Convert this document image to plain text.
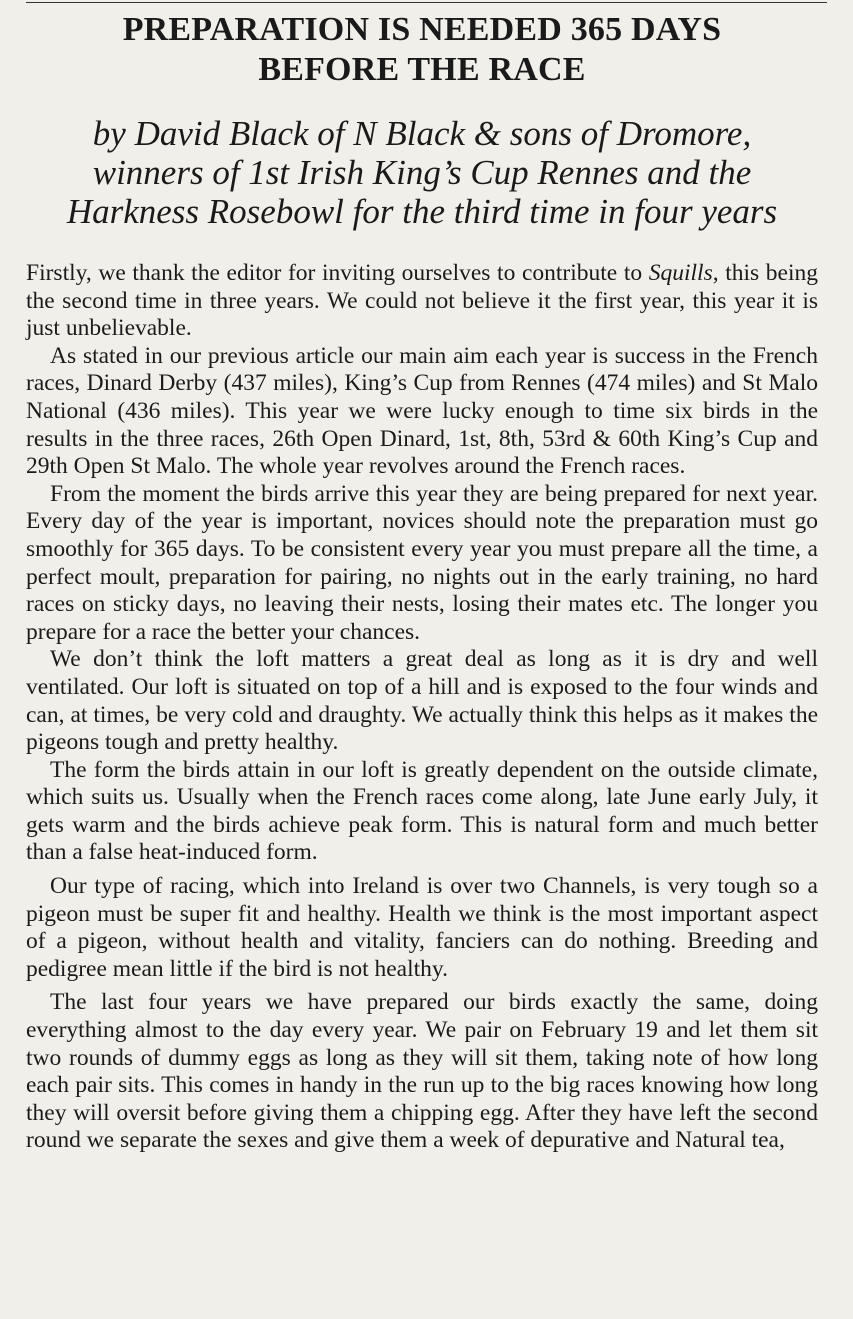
PREPARATION IS NEEDED 365 DAYS
BEFORE THE RACE
by David Black of N Black & sons of Dromore,
winners of 1st Irish King’s Cup Rennes and the
Harkness Rosebowl for the third time in four years

Firstly, we thank the editor for inviting ourselves to contribute to Squills, this being the second time in three years. We could not believe it the first year, this year it is just unbelievable.

As stated in our previous article our main aim each year is success in the French races, Dinard Derby (437 miles), King’s Cup from Rennes (474 miles) and St Malo National (436 miles). This year we were lucky enough to time six birds in the results in the three races, 26th Open Dinard, 1st, 8th, 53rd & 60th King’s Cup and 29th Open St Malo. The whole year revolves around the French races.

From the moment the birds arrive this year they are being prepared for next year. Every day of the year is important, novices should note the preparation must go smoothly for 365 days. To be consistent every year you must prepare all the time, a perfect moult, preparation for pairing, no nights out in the early training, no hard races on sticky days, no leaving their nests, losing their mates etc. The longer you prepare for a race the better your chances.

We don’t think the loft matters a great deal as long as it is dry and well ventilated. Our loft is situated on top of a hill and is exposed to the four winds and can, at times, be very cold and draughty. We actually think this helps as it makes the pigeons tough and pretty healthy.

The form the birds attain in our loft is greatly dependent on the outside climate, which suits us. Usually when the French races come along, late June early July, it gets warm and the birds achieve peak form. This is natural form and much better than a false heat-induced form.

Our type of racing, which into Ireland is over two Channels, is very tough so a pigeon must be super fit and healthy. Health we think is the most important aspect of a pigeon, without health and vitality, fanciers can do nothing. Breeding and pedigree mean little if the bird is not healthy.

The last four years we have prepared our birds exactly the same, doing everything almost to the day every year. We pair on February 19 and let them sit two rounds of dummy eggs as long as they will sit them, taking note of how long each pair sits. This comes in handy in the run up to the big races knowing how long they will oversit before giving them a chipping egg. After they have left the second round we separate the sexes and give them a week of depurative and Natural tea,
